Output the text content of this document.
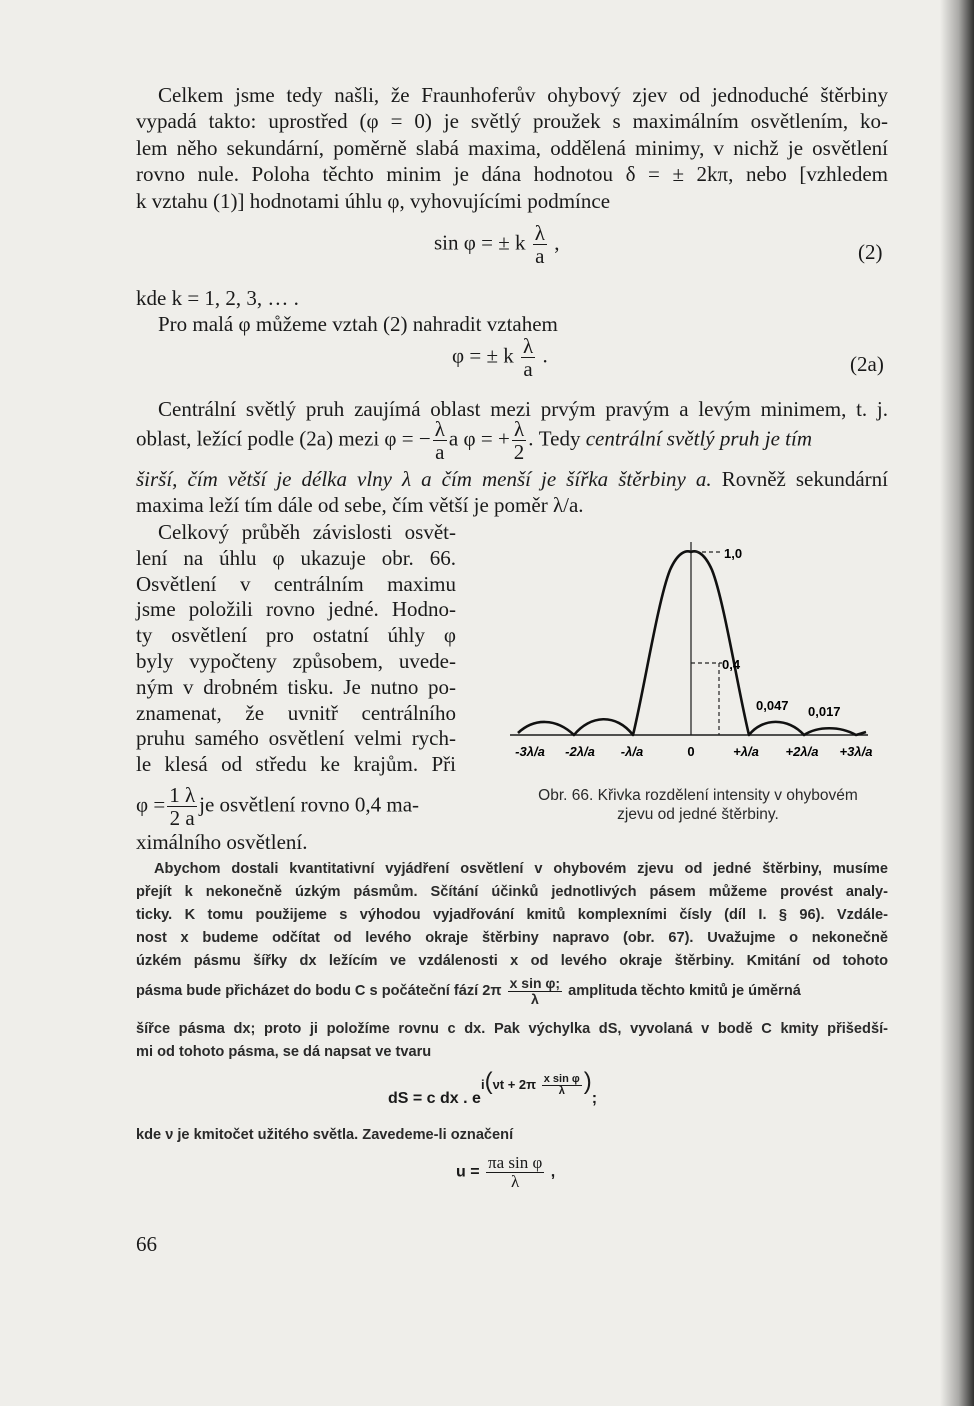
Celkem jsme tedy našli, že Fraunhoferův ohybový zjev od jednoduché štěrbiny
vypadá takto: uprostřed (φ = 0) je světlý proužek s maximálním osvětlením, ko-
lem něho sekundární, poměrně slabá maxima, oddělená minimy, v nichž je osvětlení
rovno nule. Poloha těchto minim je dána hodnotou δ = ± 2kπ, nebo [vzhledem
k vztahu (1)] hodnotami úhlu φ, vyhovujícími podmínce
sin φ = ± k $\frac{\lambda}{a}$ ,	(2)
kde k = 1, 2, 3, … .
Pro malá φ můžeme vztah (2) nahradit vztahem
φ = ± k $\frac{\lambda}{a}$ .	(2a)
Centrální světlý pruh zaujímá oblast mezi prvým pravým a levým minimem, t. j.
oblast, ležící podle (2a) mezi φ = − $\frac{\lambda}{a}$ a φ = + $\frac{\lambda}{2}$ . Tedy centrální světlý pruh je tím
širší, čím větší je délka vlny λ a čím menší je šířka štěrbiny a. Rovněž sekundární
maxima leží tím dále od sebe, čím větší je poměr λ/a.
Celkový průběh závislosti osvět-
lení na úhlu φ ukazuje obr. 66.
Osvětlení v centrálním maximu
jsme položili rovno jedné. Hodno-
ty osvětlení pro ostatní úhly φ
byly vypočteny způsobem, uvede-
ným v drobném tisku. Je nutno po-
znamenat, že uvnitř centrálního
pruhu samého osvětlení velmi rych-
le klesá od středu ke krajům. Při
$\varphi = \frac{1 \lambda}{2 a}$ je osvětlení rovno 0,4 ma-
ximálního osvětlení.
1,0
0,4
0,047 0,017
-3λ/a -2λ/a -λ/a	0	+λ/a +2λ/a +3λ/a
Obr. 66. Křivka rozdělení intensity v ohybovém
zjevu od jedné štěrbiny.
Abychom dostali kvantitativní vyjádření osvětlení v ohybovém zjevu od jedné štěrbiny, musíme
přejít k nekonečně úzkým pásmům. Sčítání účinků jednotlivých pásem můžeme provést analy-
ticky. K tomu použijeme s výhodou vyjadřování kmitů komplexními čísly (díl I. § 96). Vzdále-
nost x budeme odčítat od levého okraje štěrbiny napravo (obr. 67). Uvažujme o nekonečně
úzkém pásmu šířky dx ležícím ve vzdálenosti x od levého okraje štěrbiny. Kmitání od tohoto
pásma bude přicházet do bodu C s počáteční fází $2\pi \frac{\text{x sin φ;}}{\lambda}$ amplituda těchto kmitů je úměrná
šířce pásma dx; proto ji položíme rovnu c dx. Pak výchylka dS, vyvolaná v bodě C kmity přišedší-
mi od tohoto pásma, se dá napsat ve tvaru
dS = c dx . $ei(\nu t + 2\pi \frac{\text{x sin φ}}{\lambda}$ );
kde ν je kmitočet užitého světla. Zavedeme-li označení
$u = \frac{\text{πa sin φ}}{\lambda}$ ,
66
